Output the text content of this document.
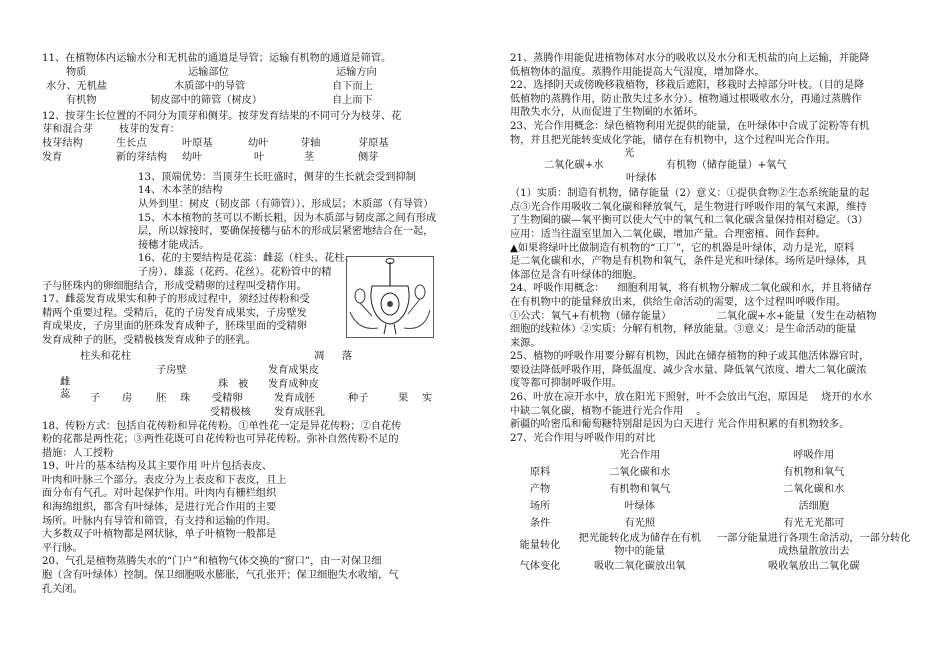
11、在植物体内运输水分和无机盐的通道是导管；运输有机物的通道是筛管。

物质	运输部位	运输方向
水分、无机盐	木质部中的导管	自下而上
有机物	韧皮部中的筛管（树皮）	自上而下

12、按芽生长位置的不同分为顶芽和侧芽。按芽发育结果的不同可分为枝芽、花

芽和混合芽        枝芽的发育：

枝芽结构	生长点	叶原基	幼叶	芽轴	芽原基
发育	新的芽结构 幼叶	叶	茎	侧芽

13、顶端优势：当顶芽生长旺盛时，侧芽的生长就会受到抑制

14、木本茎的结构

从外到里：树皮（韧皮部（有筛管））、形成层；木质部（有导管）

15、木本植物的茎可以不断长粗，因为木质部与韧皮部之间有形成

层，所以嫁接时，要确保接穗与砧木的形成层紧密地结合在一起，

接穗才能成活。

16、花的主要结构是花蕊：雌蕊（柱头、花柱、

子房）、雄蕊（花药、花丝）。花粉管中的精

子与胚珠内的卵细胞结合，形成受精卵的过程叫受精作用。

17、雌蕊发育成果实和种子的形成过程中，须经过传粉和受

精两个重要过程。受精后，花的子房发育成果实，子房壁发

育成果皮，子房里面的胚珠发育成种子，胚珠里面的受精卵

发育成种子的胚，受精极核发育成种子的胚乳。

柱头和花柱	凋 落
子房壁	发育成果皮
雌蕊	珠 被 发育成种皮
子 房 胚 珠 受精卵	发育成胚	种子	果 实
受精极核 发育成胚乳

18、传粉方式：包括自花传粉和异花传粉。①单性花一定是异花传粉；②自花传

粉的花都是两性花；③两性花既可自花传粉也可异花传粉。弥补自然传粉不足的

措施：人工授粉

19、叶片的基本结构及其主要作用 叶片包括表皮、

叶肉和叶脉三个部分。表皮分为上表皮和下表皮，且上

面分布有气孔。对叶起保护作用。叶肉内有栅栏组织

和海绵组织，都含有叶绿体，是进行光合作用的主要

场所。叶脉内有导管和筛管，有支持和运输的作用。

大多数双子叶植物都是网状脉，单子叶植物一般都是

平行脉。

20、气孔是植物蒸腾失水的“门户”和植物气体交换的“窗口”，由一对保卫细

胞（含有叶绿体）控制。保卫细胞吸水膨胀，气孔张开；保卫细胞失水收缩，气

孔关闭。

21、蒸腾作用能促进植物体对水分的吸收以及水分和无机盐的向上运输，并能降

低植物体的温度。蒸腾作用能提高大气湿度，增加降水。

22、选择阴天或傍晚移栽植物，移栽后遮阳，移栽时去掉部分叶枝。（目的是降

低植物的蒸腾作用，防止散失过多水分）。植物通过根吸收水分，再通过蒸腾作

用散失水分，从而促进了生物圈的水循环。

23、光合作用概念：绿色植物利用光提供的能量，在叶绿体中合成了淀粉等有机

物，并且把光能转变成化学能，储存在有机物中，这个过程叫光合作用。

光
二氧化碳+水	有机物（储存能量）+氧气
叶绿体

（1）实质：制造有机物，储存能量（2）意义：①提供食物②生态系统能量的起

点③光合作用吸收二氧化碳和释放氧气，是生物进行呼吸作用的氧气来源，维持

了生物圈的碳—氧平衡可以使大气中的氧气和二氧化碳含量保持相对稳定。（3）

应用：适当往温室里加入二氧化碳，增加产量。合理密植、间作套种。

▲如果将绿叶比做制造有机物的“工厂”，它的机器是叶绿体，动力是光，原料

是二氧化碳和水，产物是有机物和氧气，条件是光和叶绿体。场所是叶绿体，具

体部位是含有叶绿体的细胞。

24、呼吸作用概念：    细胞利用氧，将有机物分解成二氧化碳和水，并且将储存

在有机物中的能量释放出来，供给生命活动的需要，这个过程叫呼吸作用。

①公式：氧气+有机物（储存能量）              二氧化碳+水+能量（发生在动植物

细胞的线粒体）②实质：分解有机物，释放能量。③意义：是生命活动的能量

来源。

25、植物的呼吸作用要分解有机物，因此在储存植物的种子或其他活体器官时，

要设法降低呼吸作用，降低温度、减少含水量、降低氧气浓度、增大二氧化碳浓

度等都可抑制呼吸作用。

26、叶放在凉开水中，放在阳光下照射，叶不会放出气泡，原因是    烧开的水水

中缺二氧化碳，植物不能进行光合作用    。

新疆的哈密瓜和葡萄糖特别甜是因为白天进行 光合作用积累的有机物较多。

27、光合作用与呼吸作用的对比

	光合作用	呼吸作用
原料	二氧化碳和水	有机物和氧气
产物	有机物和氧气	二氧化碳和水
场所	叶绿体	活细胞
条件	有光照	有光无光都可
能量转化	把光能转化成为储存在有机物中的能量	一部分能量进行各项生命活动，一部分转化成热量散放出去
气体变化	吸收二氧化碳放出氧	吸收氧放出二氧化碳
